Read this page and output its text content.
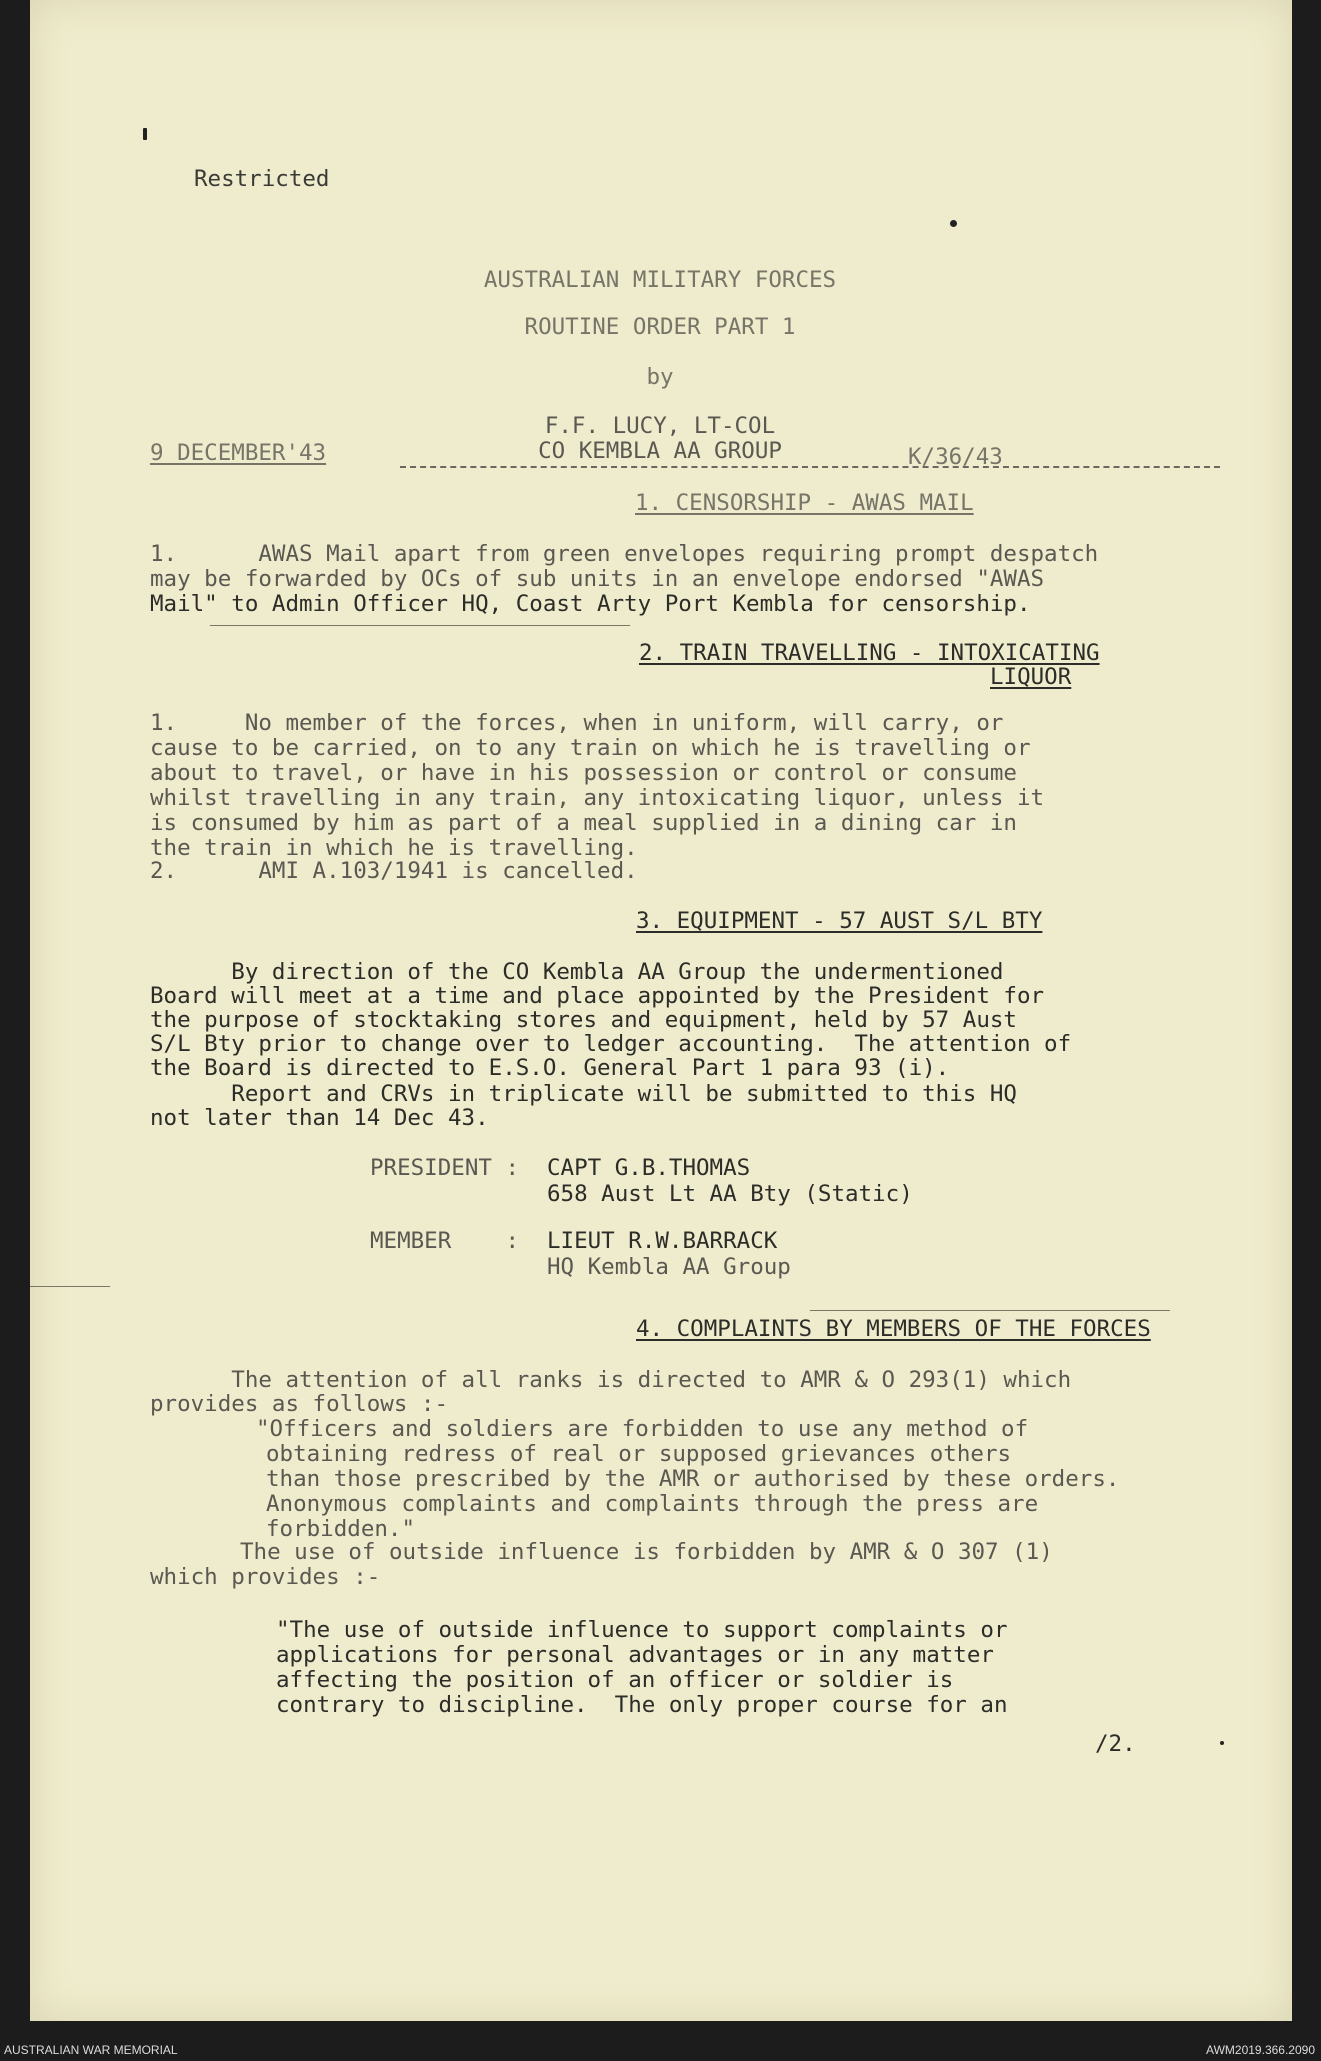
Restricted

AUSTRALIAN MILITARY FORCES

ROUTINE ORDER PART 1

by

F.F. LUCY, LT-COL

CO KEMBLA AA GROUP

9 DECEMBER'43	K/36/43
1. CENSORSHIP - AWAS MAIL
1.      AWAS Mail apart from green envelopes requiring prompt despatch
may be forwarded by OCs of sub units in an envelope endorsed "AWAS
Mail" to Admin Officer HQ, Coast Arty Port Kembla for censorship.
2. TRAIN TRAVELLING - INTOXICATING
LIQUOR
1.     No member of the forces, when in uniform, will carry, or
cause to be carried, on to any train on which he is travelling or
about to travel, or have in his possession or control or consume
whilst travelling in any train, any intoxicating liquor, unless it
is consumed by him as part of a meal supplied in a dining car in
the train in which he is travelling.
2.      AMI A.103/1941 is cancelled.
3. EQUIPMENT - 57 AUST S/L BTY
By direction of the CO Kembla AA Group the undermentioned
Board will meet at a time and place appointed by the President for
the purpose of stocktaking stores and equipment, held by 57 Aust
S/L Bty prior to change over to ledger accounting.  The attention of
the Board is directed to E.S.O. General Part 1 para 93 (i).
Report and CRVs in triplicate will be submitted to this HQ
not later than 14 Dec 43.
PRESIDENT : CAPT G.B.THOMAS
658 Aust Lt AA Bty (Static)
MEMBER    : LIEUT R.W.BARRACK
HQ Kembla AA Group
4. COMPLAINTS BY MEMBERS OF THE FORCES
The attention of all ranks is directed to AMR & O 293(1) which
provides as follows :-
"Officers and soldiers are forbidden to use any method of
obtaining redress of real or supposed grievances others
than those prescribed by the AMR or authorised by these orders.
Anonymous complaints and complaints through the press are
forbidden."
The use of outside influence is forbidden by AMR & O 307 (1)
which provides :-
"The use of outside influence to support complaints or
applications for personal advantages or in any matter
affecting the position of an officer or soldier is
contrary to discipline.  The only proper course for an
/2.
AUSTRALIAN WAR MEMORIAL	AWM2019.366.2090
